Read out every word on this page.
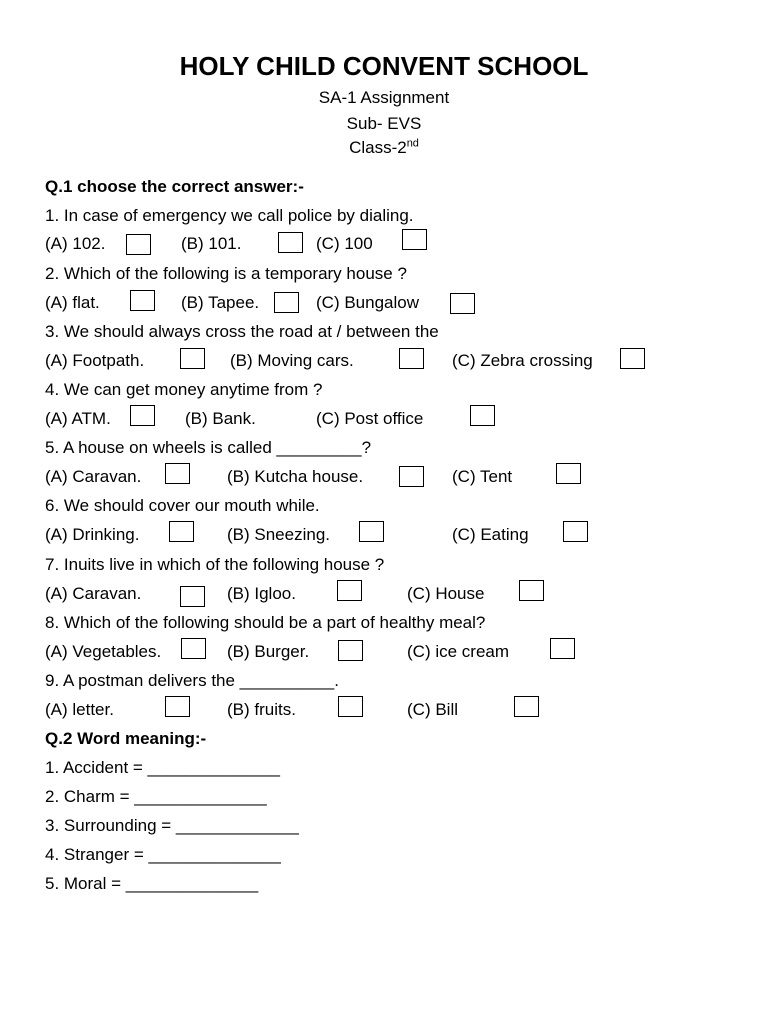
HOLY CHILD CONVENT SCHOOL
SA-1 Assignment
Sub- EVS
Class-2nd
Q.1 choose the correct answer:-
1. In case of emergency we call police by dialing.
(A) 102.	(B) 101.	(C) 100
2. Which of the following is a temporary house ?
(A) flat.	(B) Tapee.	(C) Bungalow
3. We should always cross the road at / between the
(A) Footpath.	(B) Moving cars.	(C) Zebra crossing
4. We can get money anytime from ?
(A) ATM.	(B) Bank.	(C) Post office
5. A house on wheels is called _________?
(A) Caravan.	(B) Kutcha house.	(C) Tent
6. We should cover our mouth while.
(A) Drinking.	(B) Sneezing.	(C) Eating
7. Inuits live in which of the following house ?
(A) Caravan.	(B) Igloo.	(C) House
8. Which of the following should be a part of healthy meal?
(A) Vegetables.	(B) Burger.	(C) ice cream
9. A postman delivers the __________.
(A) letter.	(B) fruits.	(C) Bill
Q.2 Word meaning:-
1. Accident = ______________
2. Charm = ______________
3. Surrounding = _____________
4. Stranger = ______________
5. Moral = ______________
